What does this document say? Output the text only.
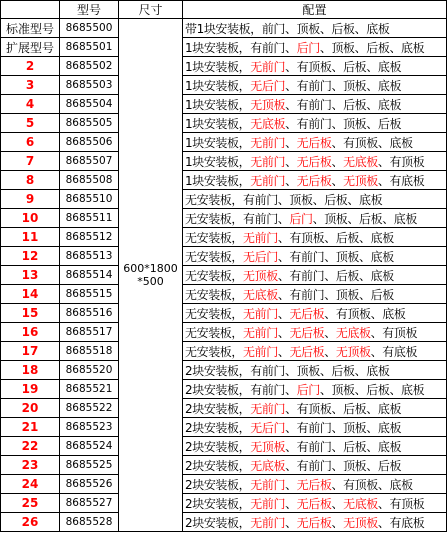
	型号	尺寸	配置
标准型号	8685500	600*1800*500	带1块安装板，前门、顶板、后板、底板
扩展型号	8685501		1块安装板，有前门、后门、顶板、后板、底板
2	8685502		1块安装板，无前门、有顶板、后板、底板
3	8685503		1块安装板，无后门、有前门、顶板、底板
4	8685504		1块安装板，无顶板、有前门、后板、底板
5	8685505		1块安装板，无底板、有前门、顶板、后板
6	8685506		1块安装板，无前门、无后板、有顶板、底板
7	8685507		1块安装板，无前门、无后板、无底板、有顶板
8	8685508		1块安装板，无前门、无后板、无顶板、有底板
9	8685510		无安装板，有前门、顶板、后板、底板
10	8685511		无安装板，有前门、后门、顶板、后板、底板
11	8685512		无安装板，无前门、有顶板、后板、底板
12	8685513		无安装板，无后门、有前门、顶板、底板
13	8685514		无安装板，无顶板、有前门、后板、底板
14	8685515		无安装板，无底板、有前门、顶板、后板
15	8685516		无安装板，无前门、无后板、有顶板、底板
16	8685517		无安装板，无前门、无后板、无底板、有顶板
17	8685518		无安装板，无前门、无后板、无顶板、有底板
18	8685520		2块安装板，有前门、顶板、后板、底板
19	8685521		2块安装板，有前门、后门、顶板、后板、底板
20	8685522		2块安装板，无前门、有顶板、后板、底板
21	8685523		2块安装板，无后门、有前门、顶板、底板
22	8685524		2块安装板，无顶板、有前门、后板、底板
23	8685525		2块安装板，无底板、有前门、顶板、后板
24	8685526		2块安装板，无前门、无后板、有顶板、底板
25	8685527		2块安装板，无前门、无后板、无底板、有顶板
26	8685528		2块安装板，无前门、无后板、无顶板、有底板
